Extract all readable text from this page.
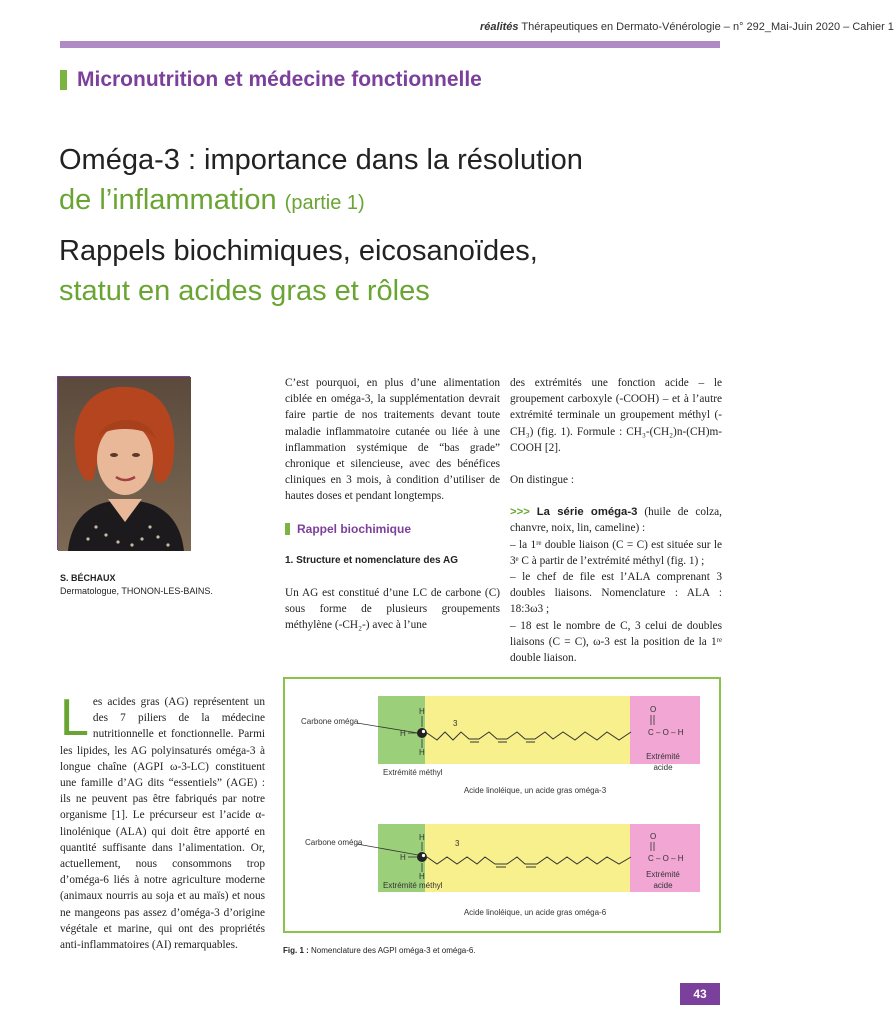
réalités Thérapeutiques en Dermato-Vénérologie – n° 292_Mai-Juin 2020 – Cahier 1
Micronutrition et médecine fonctionnelle
Oméga-3 : importance dans la résolution
de l’inflammation (partie 1)
Rappels biochimiques, eicosanoïdes,
statut en acides gras et rôles
S. BÉCHAUX
Dermatologue, THONON-LES-BAINS.

C’est pourquoi, en plus d’une alimentation ciblée en oméga-3, la supplémentation devrait faire partie de nos traitements devant toute maladie inflammatoire cutanée ou liée à une inflammation systémique de “bas grade” chronique et silencieuse, avec des bénéfices cliniques en 3 mois, à condition d’utiliser de hautes doses et pendant longtemps.

Rappel biochimique
1. Structure et nomenclature des AG

Un AG est constitué d’une LC de carbone (C) sous forme de plusieurs groupements méthylène (-CH₂-) avec à l’une

des extrémités une fonction acide – le groupement carboxyle (-COOH) – et à l’autre extrémité terminale un groupement méthyl (-CH₃) (fig. 1). Formule : CH₃-(CH₂)n-(CH)m-COOH [2].

On distingue :

>>> La série oméga-3 (huile de colza, chanvre, noix, lin, cameline) :
– la 1ʳᵉ double liaison (C = C) est située sur le 3ᵉ C à partir de l’extrémité méthyl (fig. 1) ;
– le chef de file est l’ALA comprenant 3 doubles liaisons. Nomenclature : ALA : 18:3ω3 ;
– 18 est le nombre de C, 3 celui de doubles liaisons (C = C), ω-3 est la position de la 1ʳᵉ double liaison.
L es acides gras (AG) représentent un des 7 piliers de la médecine nutritionnelle et fonctionnelle. Parmi les lipides, les AG polyinsaturés oméga-3 à longue chaîne (AGPI ω-3-LC) constituent une famille d’AG dits “essentiels” (AGE) : ils ne peuvent pas être fabriqués par notre organisme [1]. Le précurseur est l’acide α-linolénique (ALA) qui doit être apporté en quantité suffisante dans l’alimentation. Or, actuellement, nous consommons trop d’oméga-6 liés à notre agriculture moderne (animaux nourris au soja et au maïs) et nous ne mangeons pas assez d’oméga-3 d’origine végétale et marine, qui ont des propriétés anti-inflammatoires (AI) remarquables.
Carbone oméga
H
H
H
3
O
C – O – H
Extrémité méthyl
Extrémité
acide
Acide linoléique, un acide gras oméga-3
Carbone oméga
H
H
H
3
O
C – O – H
Extrémité méthyl
Extrémité
acide
Acide linoléique, un acide gras oméga-6
Fig. 1 : Nomenclature des AGPI oméga-3 et oméga-6.
43
